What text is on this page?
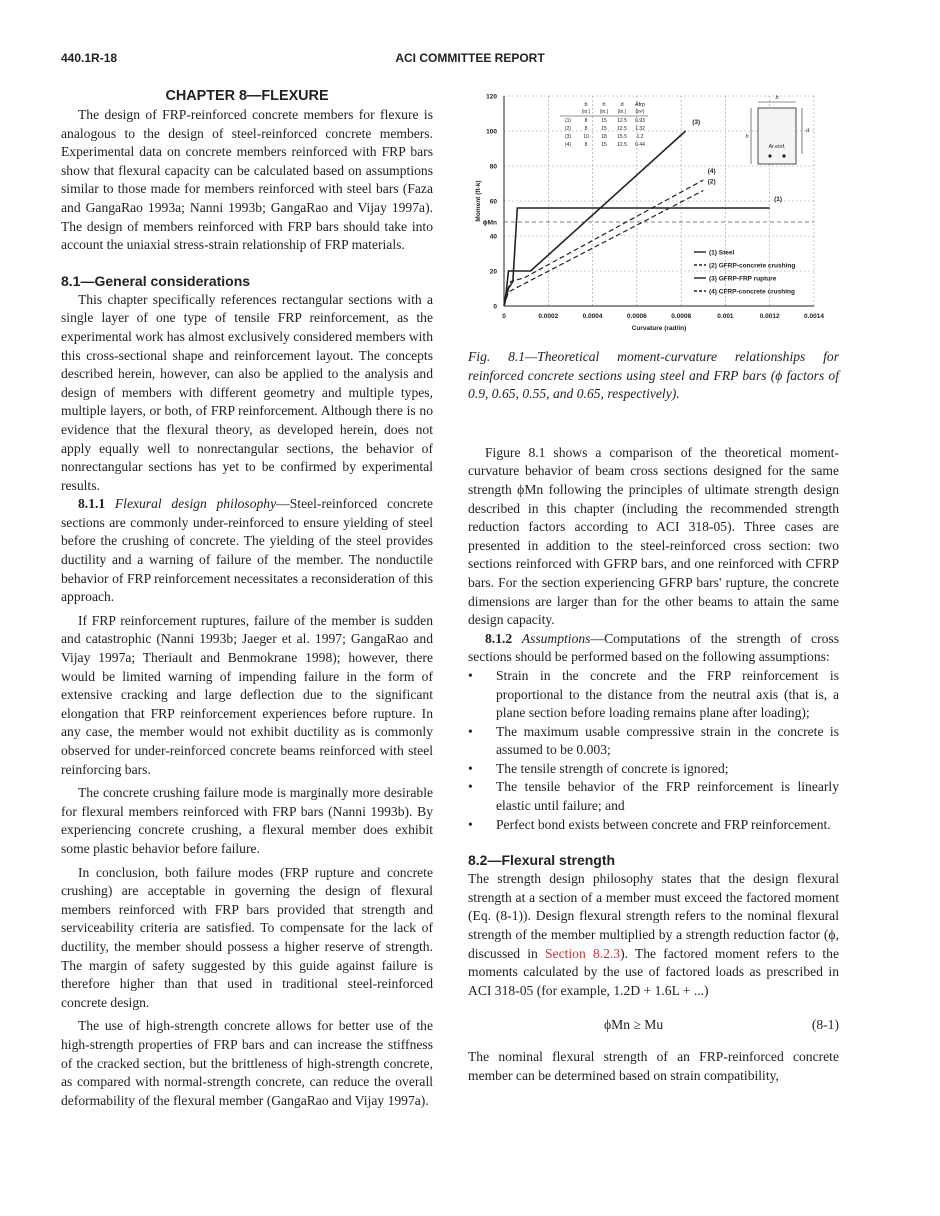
440.1R-18	ACI COMMITTEE REPORT
CHAPTER 8—FLEXURE

The design of FRP-reinforced concrete members for flexure is analogous to the design of steel-reinforced concrete members. Experimental data on concrete members reinforced with FRP bars show that flexural capacity can be calculated based on assumptions similar to those made for members reinforced with steel bars (Faza and GangaRao 1993a; Nanni 1993b; GangaRao and Vijay 1997a). The design of members reinforced with FRP bars should take into account the uniaxial stress-strain relationship of FRP materials.

8.1—General considerations

This chapter specifically references rectangular sections with a single layer of one type of tensile FRP reinforcement, as the experimental work has almost exclusively considered members with this cross-sectional shape and reinforcement layout. The concepts described herein, however, can also be applied to the analysis and design of members with different geometry and multiple types, multiple layers, or both, of FRP reinforcement. Although there is no evidence that the flexural theory, as developed herein, does not apply equally well to nonrectangular sections, the behavior of nonrectangular sections has yet to be confirmed by experimental results.

8.1.1 Flexural design philosophy—Steel-reinforced concrete sections are commonly under-reinforced to ensure yielding of steel before the crushing of concrete. The yielding of the steel provides ductility and a warning of failure of the member. The nonductile behavior of FRP reinforcement necessitates a reconsideration of this approach.

If FRP reinforcement ruptures, failure of the member is sudden and catastrophic (Nanni 1993b; Jaeger et al. 1997; GangaRao and Vijay 1997a; Theriault and Benmokrane 1998); however, there would be limited warning of impending failure in the form of extensive cracking and large deflection due to the significant elongation that FRP reinforcement experiences before rupture. In any case, the member would not exhibit ductility as is commonly observed for under-reinforced concrete beams reinforced with steel reinforcing bars.

The concrete crushing failure mode is marginally more desirable for flexural members reinforced with FRP bars (Nanni 1993b). By experiencing concrete crushing, a flexural member does exhibit some plastic behavior before failure.

In conclusion, both failure modes (FRP rupture and concrete crushing) are acceptable in governing the design of flexural members reinforced with FRP bars provided that strength and serviceability criteria are satisfied. To compensate for the lack of ductility, the member should possess a higher reserve of strength. The margin of safety suggested by this guide against failure is therefore higher than that used in traditional steel-reinforced concrete design.

The use of high-strength concrete allows for better use of the high-strength properties of FRP bars and can increase the stiffness of the cracked section, but the brittleness of high-strength concrete, as compared with normal-strength concrete, can reduce the overall deformability of the flexural member (GangaRao and Vijay 1997a).

0	0.0002	0.0004	0.0006	0.0008	0.001	0.0012	0.0014
0
20
40
60
80
100
120
Curvature (rad/in)
Moment (ft-k)
ϕMn
(1)
(2)
(3)
(4)
(1) Steel
(2) GFRP-concrete crushing
(3) GFRP-FRP rupture
(4) CFRP-concrete crushing
b	h	d Afrp
(in.) (in.) (in.) (in²)
(1)	8	15 12.5 0.93
(2)	8	15 12.5 1.32
(3) 10 18 15.5 1.2
(4)	8	15 12.5 0.44
b
h
d
Ar.einf.
Fig. 8.1—Theoretical moment-curvature relationships for reinforced concrete sections using steel and FRP bars (ϕ factors of 0.9, 0.65, 0.55, and 0.65, respectively).

Figure 8.1 shows a comparison of the theoretical moment-curvature behavior of beam cross sections designed for the same strength ϕMn following the principles of ultimate strength design described in this chapter (including the recommended strength reduction factors according to ACI 318-05). Three cases are presented in addition to the steel-reinforced cross section: two sections reinforced with GFRP bars, and one reinforced with CFRP bars. For the section experiencing GFRP bars' rupture, the concrete dimensions are larger than for the other beams to attain the same design capacity.

8.1.2 Assumptions—Computations of the strength of cross sections should be performed based on the following assumptions:

• Strain in the concrete and the FRP reinforcement is proportional to the distance from the neutral axis (that is, a plane section before loading remains plane after loading);
• The maximum usable compressive strain in the concrete is assumed to be 0.003;
• The tensile strength of concrete is ignored;
• The tensile behavior of the FRP reinforcement is linearly elastic until failure; and
• Perfect bond exists between concrete and FRP reinforcement.
8.2—Flexural strength

The strength design philosophy states that the design flexural strength at a section of a member must exceed the factored moment (Eq. (8-1)). Design flexural strength refers to the nominal flexural strength of the member multiplied by a strength reduction factor (ϕ, discussed in Section 8.2.3). The factored moment refers to the moments calculated by the use of factored loads as prescribed in ACI 318-05 (for example, 1.2D + 1.6L + ...)

ϕMn ≥ Mu	(8-1)

The nominal flexural strength of an FRP-reinforced concrete member can be determined based on strain compatibility,
